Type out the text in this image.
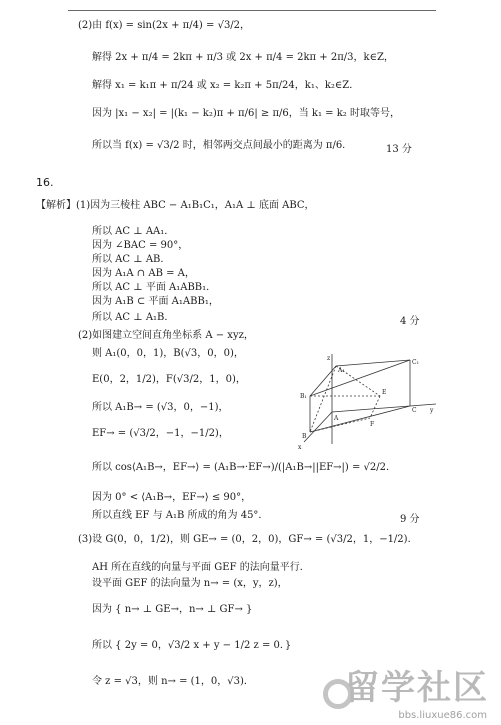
(2)由 f(x) = sin(2x + π/4) = √3/2，
解得 2x + π/4 = 2kπ + π/3 或 2x + π/4 = 2kπ + 2π/3，k∈Z，
解得 x₁ = k₁π + π/24 或 x₂ = k₂π + 5π/24，k₁、k₂∈Z．
因为 |x₁ − x₂| = |(k₁ − k₂)π + π/6| ≥ π/6，当 k₁ = k₂ 时取等号，
所以当 f(x) = √3/2 时，相邻两交点间最小的距离为 π/6．	13 分
16.
【解析】(1)因为三棱柱 ABC − A₁B₁C₁，A₁A ⊥ 底面 ABC，
所以 AC ⊥ AA₁．
因为 ∠BAC = 90°，
所以 AC ⊥ AB．
因为 A₁A ∩ AB = A，
所以 AC ⊥ 平面 A₁ABB₁．
因为 A₁B ⊂ 平面 A₁ABB₁，
所以 AC ⊥ A₁B．	4 分
(2)如图建立空间直角坐标系 A − xyz，
则 A₁(0，0，1)，B(√3，0，0)，
E(0，2，1/2)，F(√3/2，1，0)，
所以 A₁B→ = (√3，0，−1)，
EF→ = (√3/2，−1，−1/2)，
所以 cos⟨A₁B→，EF→⟩ = (A₁B→·EF→)/(|A₁B→||EF→|) = √2/2．
因为 0° < ⟨A₁B→，EF→⟩ ≤ 90°，
所以直线 EF 与 A₁B 所成的角为 45°．	9 分
(3)设 G(0，0，1/2)，则 GE→ = (0，2，0)，GF→ = (√3/2，1，−1/2)．
AH 所在直线的向量与平面 GEF 的法向量平行．
设平面 GEF 的法向量为 n→ = (x，y，z)，
因为 { n→ ⊥ GE→，n→ ⊥ GF→ }
所以 { 2y = 0，√3/2 x + y − 1/2 z = 0．}
令 z = √3，则 n→ = (1，0，√3)．
z
A₁
C₁
B₁
E
A
C y
B
F
x
留学社区
bbs.liuxue86.com
